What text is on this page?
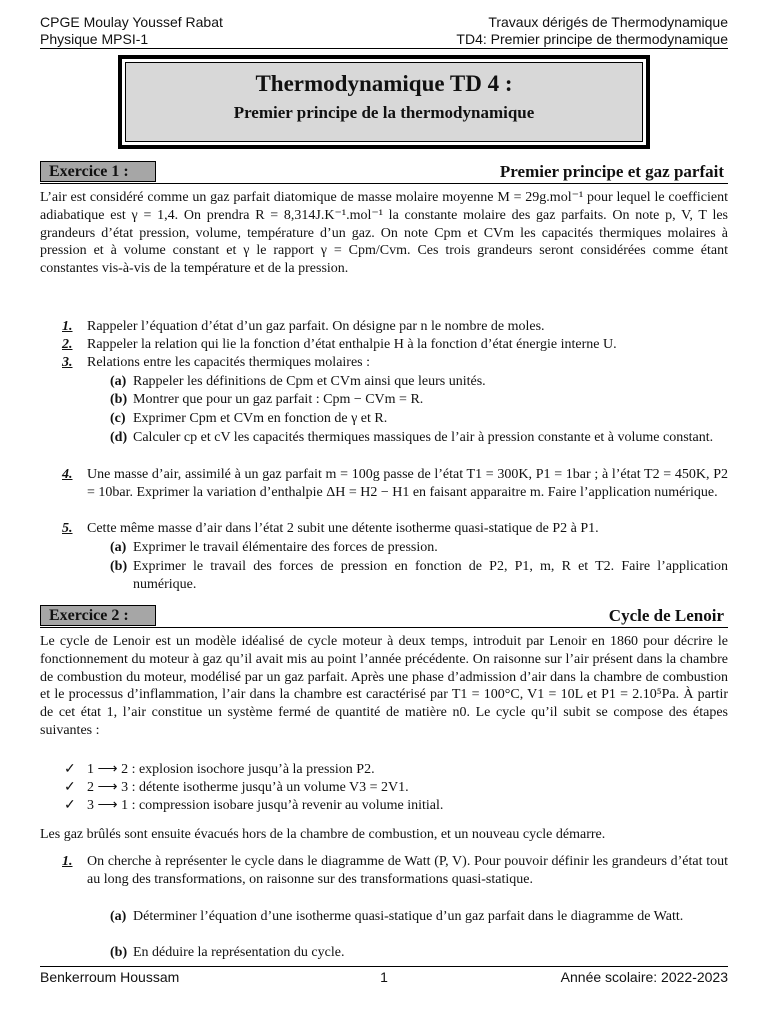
CPGE Moulay Youssef Rabat
Physique MPSI-1
Travaux dérigés de Thermodynamique
TD4: Premier principe de thermodynamique
Thermodynamique TD 4 :
Premier principe de la thermodynamique
Exercice 1 :	Premier principe et gaz parfait
L’air est considéré comme un gaz parfait diatomique de masse molaire moyenne M = 29g.mol⁻¹ pour lequel le coefficient adiabatique est γ = 1,4. On prendra R = 8,314J.K⁻¹.mol⁻¹ la constante molaire des gaz parfaits. On note p, V, T les grandeurs d’état pression, volume, température d’un gaz. On note Cpm et CVm les capacités thermiques molaires à pression et à volume constant et γ le rapport γ = Cpm/Cvm. Ces trois grandeurs seront considérées comme étant constantes vis-à-vis de la température et de la pression.
1. Rappeler l’équation d’état d’un gaz parfait. On désigne par n le nombre de moles.
2. Rappeler la relation qui lie la fonction d’état enthalpie H à la fonction d’état énergie interne U.
3. Relations entre les capacités thermiques molaires :
(a) Rappeler les définitions de Cpm et CVm ainsi que leurs unités.
(b) Montrer que pour un gaz parfait : Cpm − CVm = R.
(c) Exprimer Cpm et CVm en fonction de γ et R.
(d) Calculer cp et cV les capacités thermiques massiques de l’air à pression constante et à volume constant.
4. Une masse d’air, assimilé à un gaz parfait m = 100g passe de l’état T1 = 300K, P1 = 1bar ; à l’état T2 = 450K, P2 = 10bar. Exprimer la variation d’enthalpie ΔH = H2 − H1 en faisant apparaitre m. Faire l’application numérique.
5. Cette même masse d’air dans l’état 2 subit une détente isotherme quasi-statique de P2 à P1.
(a) Exprimer le travail élémentaire des forces de pression.
(b) Exprimer le travail des forces de pression en fonction de P2, P1, m, R et T2. Faire l’application numérique.
Exercice 2 :	Cycle de Lenoir
Le cycle de Lenoir est un modèle idéalisé de cycle moteur à deux temps, introduit par Lenoir en 1860 pour décrire le fonctionnement du moteur à gaz qu’il avait mis au point l’année précédente. On raisonne sur l’air présent dans la chambre de combustion du moteur, modélisé par un gaz parfait. Après une phase d’admission d’air dans la chambre de combustion et le processus d’inflammation, l’air dans la chambre est caractérisé par T1 = 100°C, V1 = 10L et P1 = 2.10⁵Pa. À partir de cet état 1, l’air constitue un système fermé de quantité de matière n0. Le cycle qu’il subit se compose des étapes suivantes :
✓ 1 ⟶ 2 : explosion isochore jusqu’à la pression P2.
✓ 2 ⟶ 3 : détente isotherme jusqu’à un volume V3 = 2V1.
✓ 3 ⟶ 1 : compression isobare jusqu’à revenir au volume initial.
Les gaz brûlés sont ensuite évacués hors de la chambre de combustion, et un nouveau cycle démarre.
1. On cherche à représenter le cycle dans le diagramme de Watt (P, V). Pour pouvoir définir les grandeurs d’état tout au long des transformations, on raisonne sur des transformations quasi-statique.
(a) Déterminer l’équation d’une isotherme quasi-statique d’un gaz parfait dans le diagramme de Watt.
(b) En déduire la représentation du cycle.
Benkerroum Houssam	1	Année scolaire: 2022-2023
